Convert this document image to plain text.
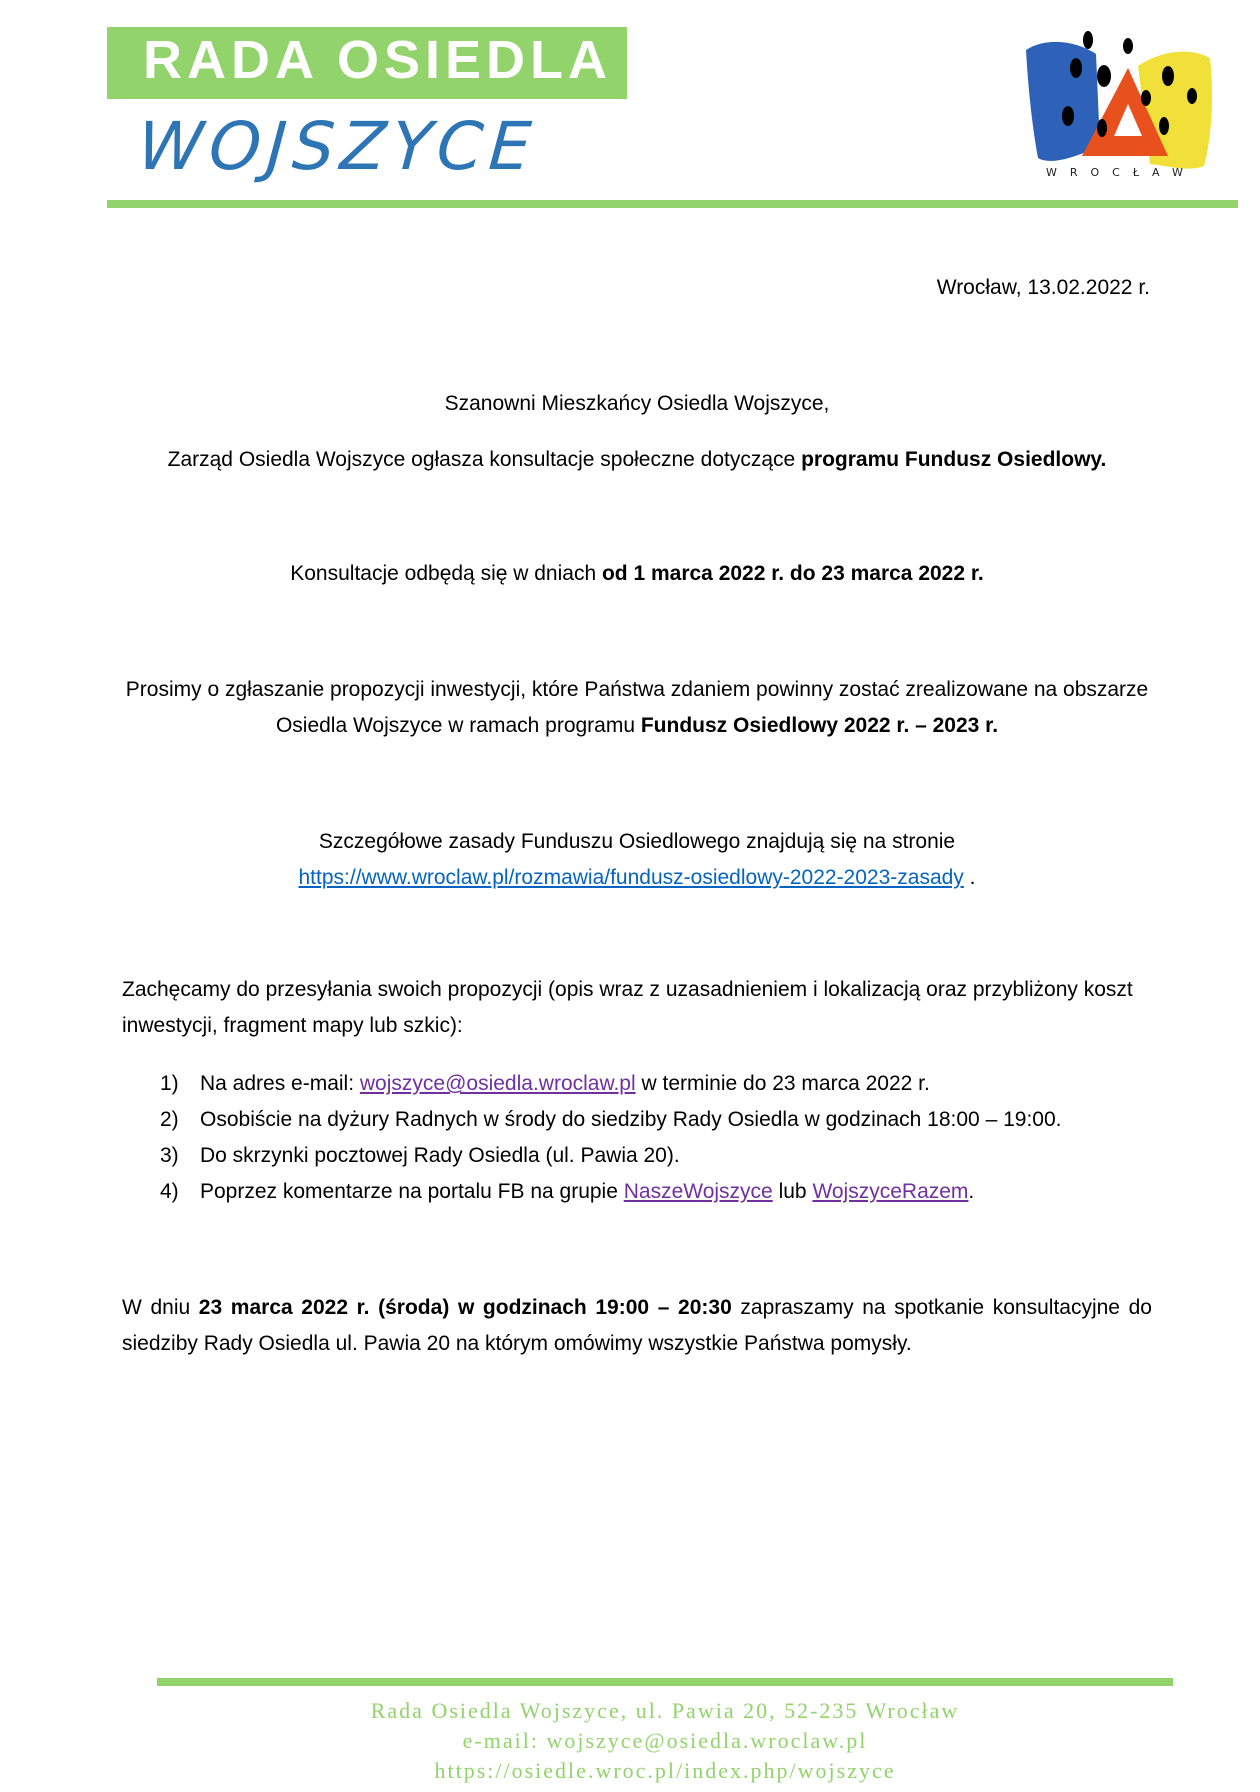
RADA OSIEDLA
WOJSZYCE	WROCŁAW
Wrocław, 13.02.2022 r.
Szanowni Mieszkańcy Osiedla Wojszyce,
Zarząd Osiedla Wojszyce ogłasza konsultacje społeczne dotyczące programu Fundusz Osiedlowy.
Konsultacje odbędą się w dniach od 1 marca 2022 r. do 23 marca 2022 r.
Prosimy o zgłaszanie propozycji inwestycji, które Państwa zdaniem powinny zostać zrealizowane na obszarze Osiedla Wojszyce w ramach programu Fundusz Osiedlowy 2022 r. – 2023 r.
Szczegółowe zasady Funduszu Osiedlowego znajdują się na stronie
https://www.wroclaw.pl/rozmawia/fundusz-osiedlowy-2022-2023-zasady .
Zachęcamy do przesyłania swoich propozycji (opis wraz z uzasadnieniem i lokalizacją oraz przybliżony koszt inwestycji, fragment mapy lub szkic):
1) Na adres e-mail: wojszyce@osiedla.wroclaw.pl w terminie do 23 marca 2022 r.
2) Osobiście na dyżury Radnych w środy do siedziby Rady Osiedla w godzinach 18:00 – 19:00.
3) Do skrzynki pocztowej Rady Osiedla (ul. Pawia 20).
4) Poprzez komentarze na portalu FB na grupie NaszeWojszyce lub WojszyceRazem.
W dniu 23 marca 2022 r. (środa) w godzinach 19:00 – 20:30 zapraszamy na spotkanie konsultacyjne do siedziby Rady Osiedla ul. Pawia 20 na którym omówimy wszystkie Państwa pomysły.
Rada Osiedla Wojszyce, ul. Pawia 20, 52-235 Wrocław
e-mail: wojszyce@osiedla.wroclaw.pl
https://osiedle.wroc.pl/index.php/wojszyce
